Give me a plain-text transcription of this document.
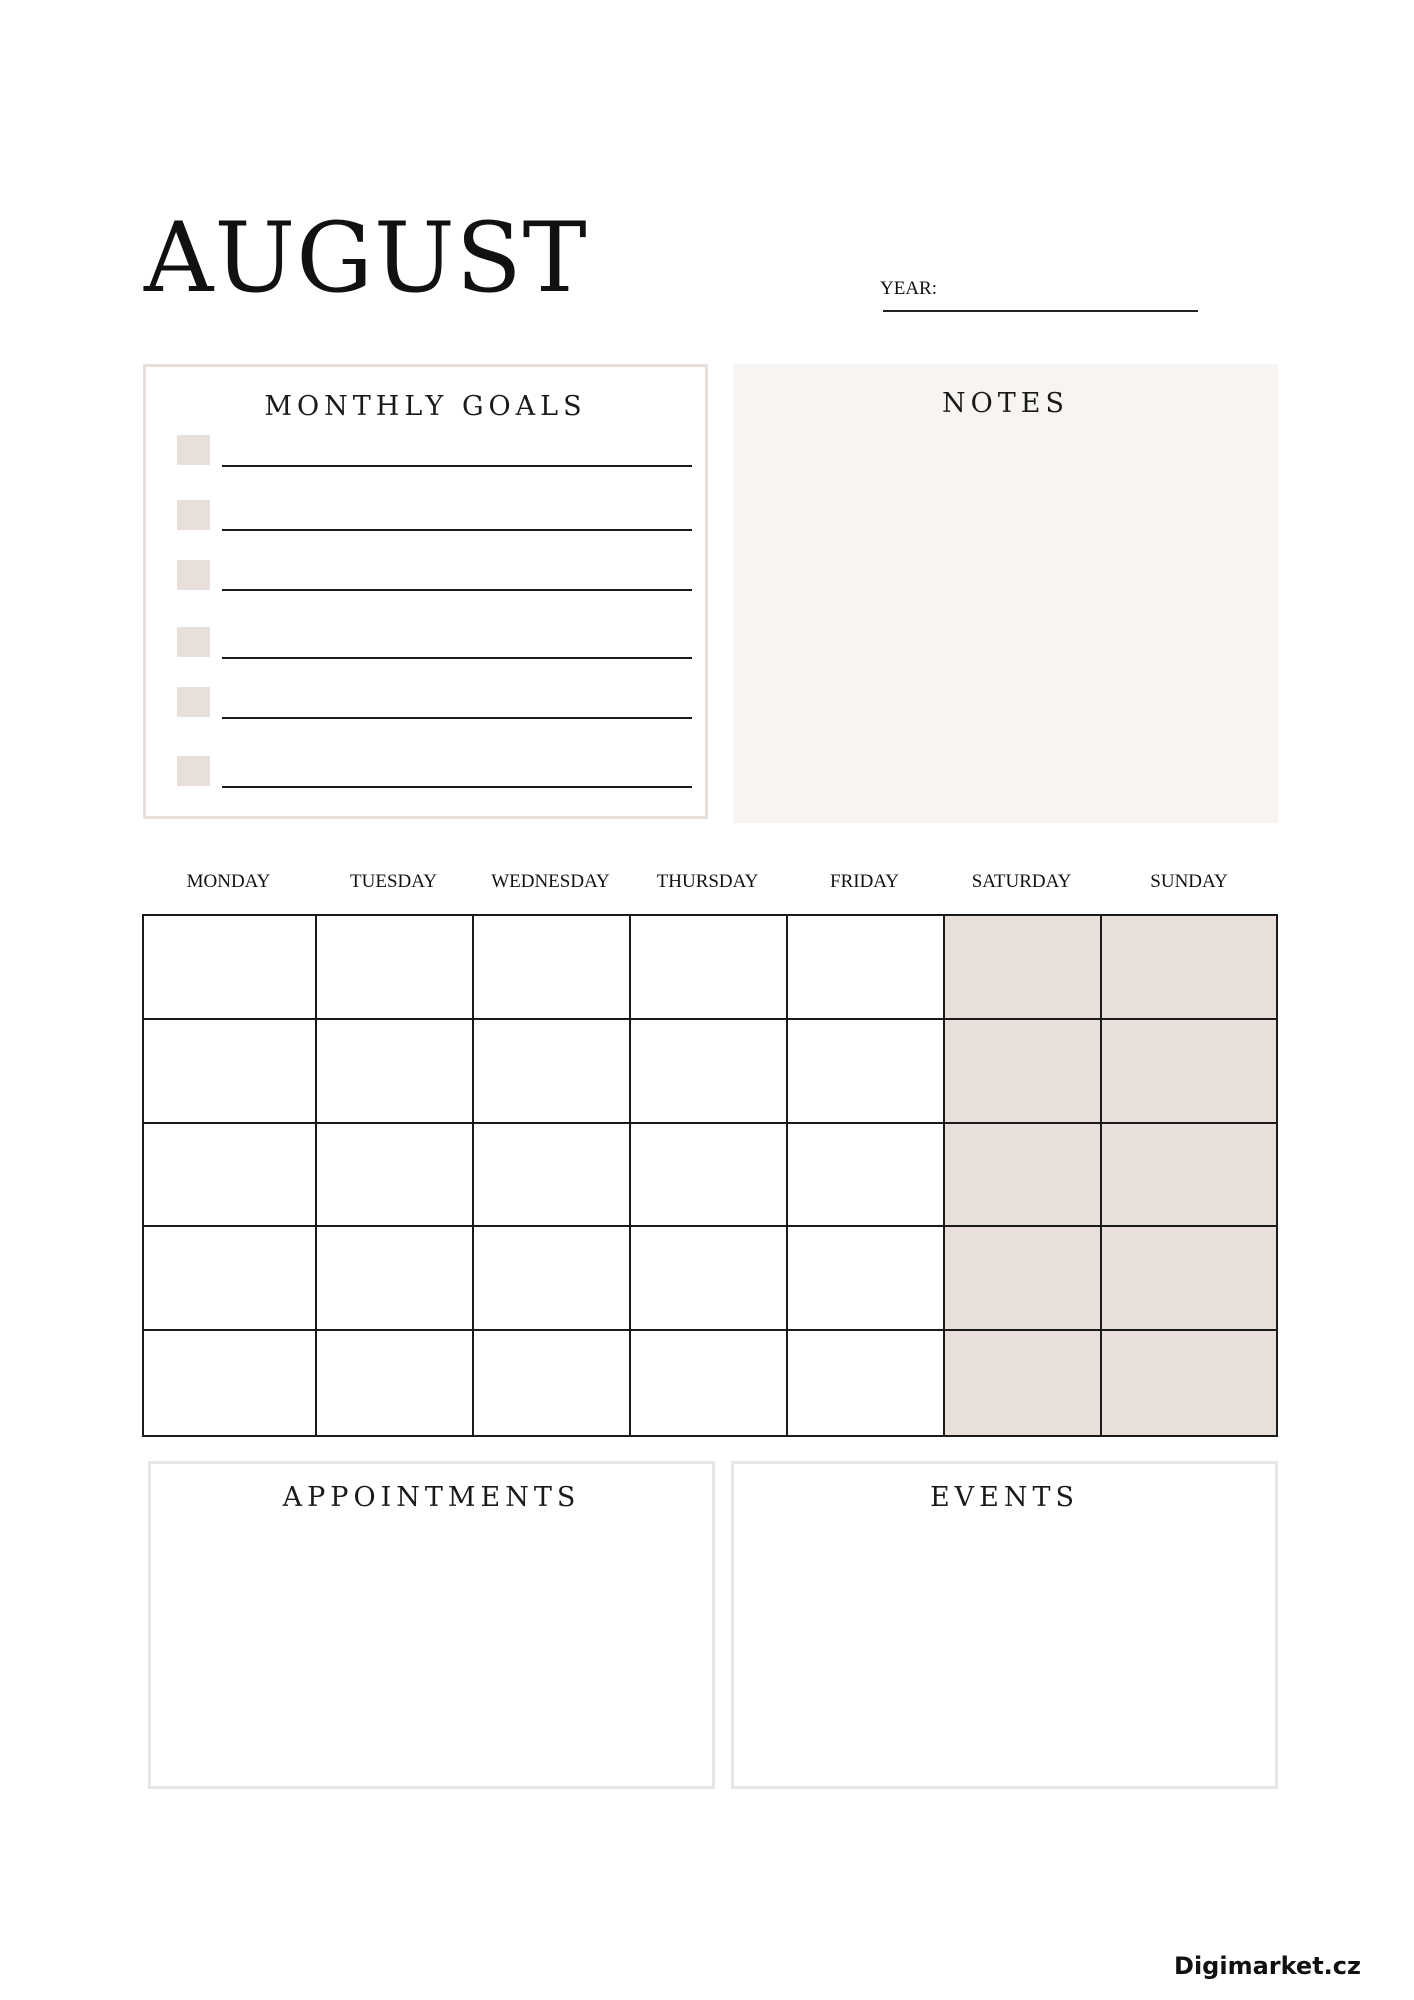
AUGUST	YEAR:
MONTHLY GOALS	NOTES
MONDAY	TUESDAY	WEDNESDAY	THURSDAY	FRIDAY	SATURDAY	SUNDAY
APPOINTMENTS	EVENTS
Digimarket.cz
